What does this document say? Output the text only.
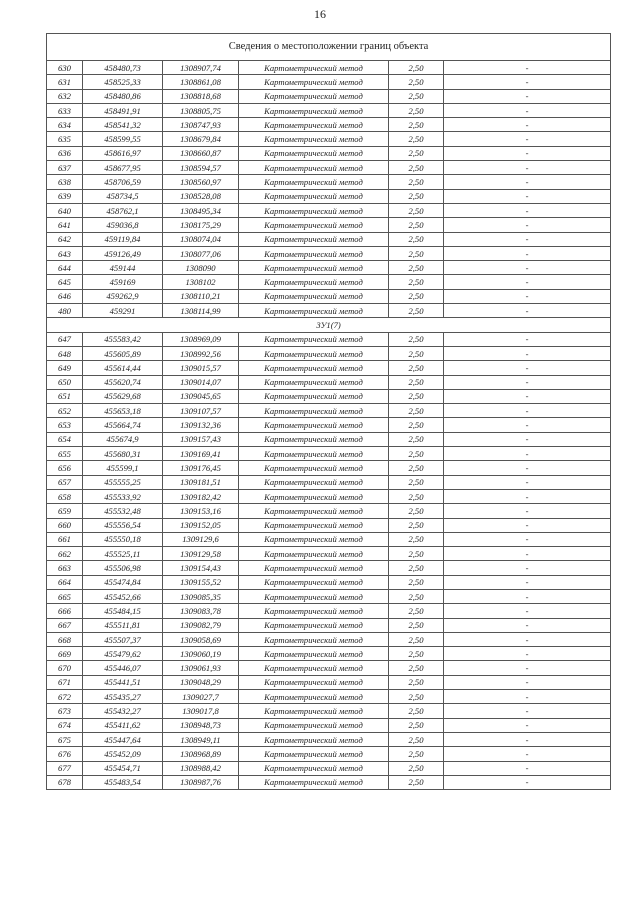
16
Сведения о местоположении границ объекта					
630	458480,73	1308907,74	Картометрический метод	2,50	-
631	458525,33	1308861,08	Картометрический метод	2,50	-
632	458480,86	1308818,68	Картометрический метод	2,50	-
633	458491,91	1308805,75	Картометрический метод	2,50	-
634	458541,32	1308747,93	Картометрический метод	2,50	-
635	458599,55	1308679,84	Картометрический метод	2,50	-
636	458616,97	1308660,87	Картометрический метод	2,50	-
637	458677,95	1308594,57	Картометрический метод	2,50	-
638	458706,59	1308560,97	Картометрический метод	2,50	-
639	458734,5	1308528,08	Картометрический метод	2,50	-
640	458762,1	1308495,34	Картометрический метод	2,50	-
641	459036,8	1308175,29	Картометрический метод	2,50	-
642	459119,84	1308074,04	Картометрический метод	2,50	-
643	459126,49	1308077,06	Картометрический метод	2,50	-
644	459144	1308090	Картометрический метод	2,50	-
645	459169	1308102	Картометрический метод	2,50	-
646	459262,9	1308110,21	Картометрический метод	2,50	-
480	459291	1308114,99	Картометрический метод	2,50	-
3У1(7)					
647	455583,42	1308969,09	Картометрический метод	2,50	-
648	455605,89	1308992,56	Картометрический метод	2,50	-
649	455614,44	1309015,57	Картометрический метод	2,50	-
650	455620,74	1309014,07	Картометрический метод	2,50	-
651	455629,68	1309045,65	Картометрический метод	2,50	-
652	455653,18	1309107,57	Картометрический метод	2,50	-
653	455664,74	1309132,36	Картометрический метод	2,50	-
654	455674,9	1309157,43	Картометрический метод	2,50	-
655	455680,31	1309169,41	Картометрический метод	2,50	-
656	455599,1	1309176,45	Картометрический метод	2,50	-
657	455555,25	1309181,51	Картометрический метод	2,50	-
658	455533,92	1309182,42	Картометрический метод	2,50	-
659	455532,48	1309153,16	Картометрический метод	2,50	-
660	455556,54	1309152,05	Картометрический метод	2,50	-
661	455550,18	1309129,6	Картометрический метод	2,50	-
662	455525,11	1309129,58	Картометрический метод	2,50	-
663	455506,98	1309154,43	Картометрический метод	2,50	-
664	455474,84	1309155,52	Картометрический метод	2,50	-
665	455452,66	1309085,35	Картометрический метод	2,50	-
666	455484,15	1309083,78	Картометрический метод	2,50	-
667	455511,81	1309082,79	Картометрический метод	2,50	-
668	455507,37	1309058,69	Картометрический метод	2,50	-
669	455479,62	1309060,19	Картометрический метод	2,50	-
670	455446,07	1309061,93	Картометрический метод	2,50	-
671	455441,51	1309048,29	Картометрический метод	2,50	-
672	455435,27	1309027,7	Картометрический метод	2,50	-
673	455432,27	1309017,8	Картометрический метод	2,50	-
674	455411,62	1308948,73	Картометрический метод	2,50	-
675	455447,64	1308949,11	Картометрический метод	2,50	-
676	455452,09	1308968,89	Картометрический метод	2,50	-
677	455454,71	1308988,42	Картометрический метод	2,50	-
678	455483,54	1308987,76	Картометрический метод	2,50	-
